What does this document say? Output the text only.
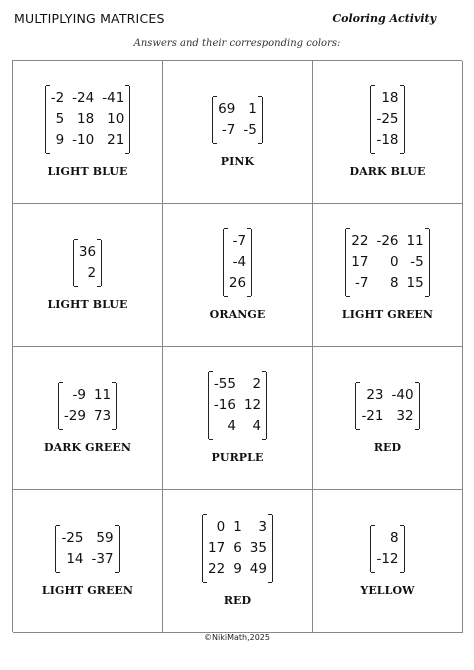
MULTIPLYING MATRICES	Coloring Activity
Answers and their corresponding colors:
-2 -24 -41
5 18 10
9 -10 21
LIGHT BLUE
69 1
-7 -5
PINK
18
-25
-18
DARK BLUE
36
2
LIGHT BLUE
-7
-4
26
ORANGE
22 -26 11
17	0 -5
-7	8 15
LIGHT GREEN
-9 11
-29 73
DARK GREEN
-55	2
-16 12
4	4
PURPLE
23 -40
-21 32
RED
-25 59
14 -37
LIGHT GREEN
0 1	3
17 6 35
22 9 49
RED
8
-12
YELLOW
©NikiMath,2025
